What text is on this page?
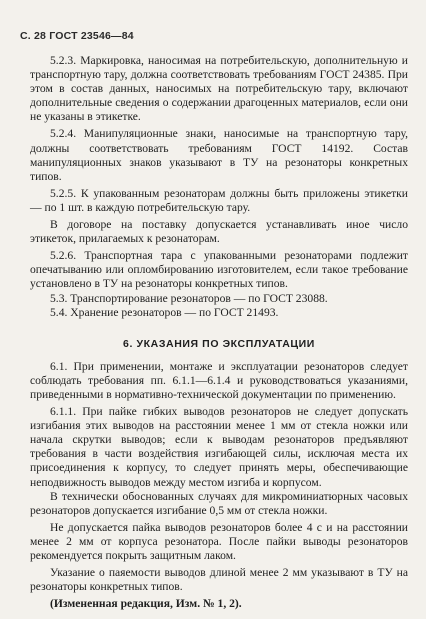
С. 28 ГОСТ 23546—84

5.2.3. Маркировка, наносимая на потребительскую, дополнительную и транспортную тару, должна соответствовать требованиям ГОСТ 24385. При этом в состав данных, наносимых на потребительскую тару, включают дополнительные сведения о содержании драгоценных материалов, если они не указаны в этикетке.

5.2.4. Манипуляционные знаки, наносимые на транспортную тару, должны соответствовать требованиям ГОСТ 14192. Состав манипуляционных знаков указывают в ТУ на резонаторы конкретных типов.

5.2.5. К упакованным резонаторам должны быть приложены этикетки — по 1 шт. в каждую потребительскую тару.

В договоре на поставку допускается устанавливать иное число этикеток, прилагаемых к резонаторам.

5.2.6. Транспортная тара с упакованными резонаторами подлежит опечатыванию или опломбированию изготовителем, если такое требование установлено в ТУ на резонаторы конкретных типов.

5.3. Транспортирование резонаторов — по ГОСТ 23088.

5.4. Хранение резонаторов — по ГОСТ 21493.

6. УКАЗАНИЯ ПО ЭКСПЛУАТАЦИИ

6.1. При применении, монтаже и эксплуатации резонаторов следует соблюдать требования пп. 6.1.1—6.1.4 и руководствоваться указаниями, приведенными в нормативно-технической документации по применению.

6.1.1. При пайке гибких выводов резонаторов не следует допускать изгибания этих выводов на расстоянии менее 1 мм от стекла ножки или начала скрутки выводов; если к выводам резонаторов предъявляют требования в части воздействия изгибающей силы, исключая места их присоединения к корпусу, то следует принять меры, обеспечивающие неподвижность выводов между местом изгиба и корпусом.

В технически обоснованных случаях для микроминиатюрных часовых резонаторов допускается изгибание 0,5 мм от стекла ножки.

Не допускается пайка выводов резонаторов более 4 с и на расстоянии менее 2 мм от корпуса резонатора. После пайки выводы резонаторов рекомендуется покрыть защитным лаком.

Указание о паяемости выводов длиной менее 2 мм указывают в ТУ на резонаторы конкретных типов.

(Измененная редакция, Изм. № 1, 2).
